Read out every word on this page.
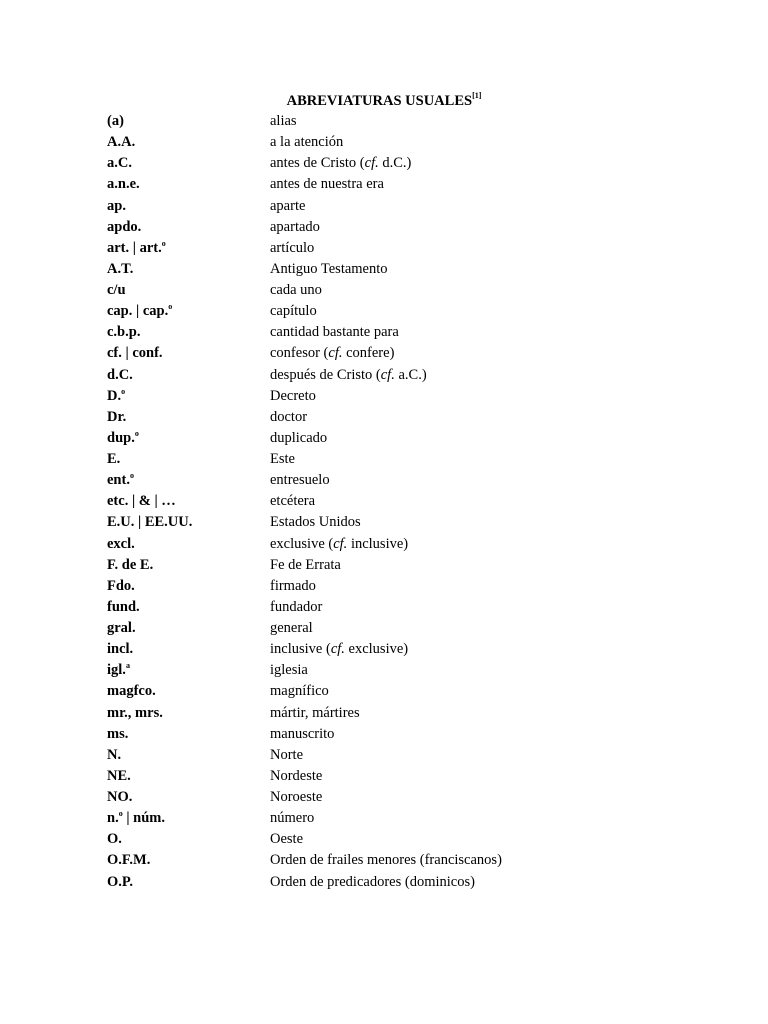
ABREVIATURAS USUALES[1]
(a)	alias
A.A.	a la atención
a.C.	antes de Cristo (cf. d.C.)
a.n.e.	antes de nuestra era
ap.	aparte
apdo.	apartado
art. | art.$^o$	artículo
A.T.	Antiguo Testamento
c/u	cada uno
cap. | cap.$^o$	capítulo
c.b.p.	cantidad bastante para
cf. | conf.	confesor (cf. confere)
d.C.	después de Cristo (cf. a.C.)
D.$^o$	Decreto
Dr.	doctor
dup.$^o$	duplicado
E.	Este
ent.$^o$	entresuelo
etc. | & | …	etcétera
E.U. | EE.UU.	Estados Unidos
excl.	exclusive (cf. inclusive)
F. de E.	Fe de Errata
Fdo.	firmado
fund.	fundador
gral.	general
incl.	inclusive (cf. exclusive)
igl.$^a$	iglesia
magfco.	magnífico
mr., mrs.	mártir, mártires
ms.	manuscrito
N.	Norte
NE.	Nordeste
NO.	Noroeste
n.$^o$ | núm.	número
O.	Oeste
O.F.M.	Orden de frailes menores (franciscanos)
O.P.	Orden de predicadores (dominicos)
